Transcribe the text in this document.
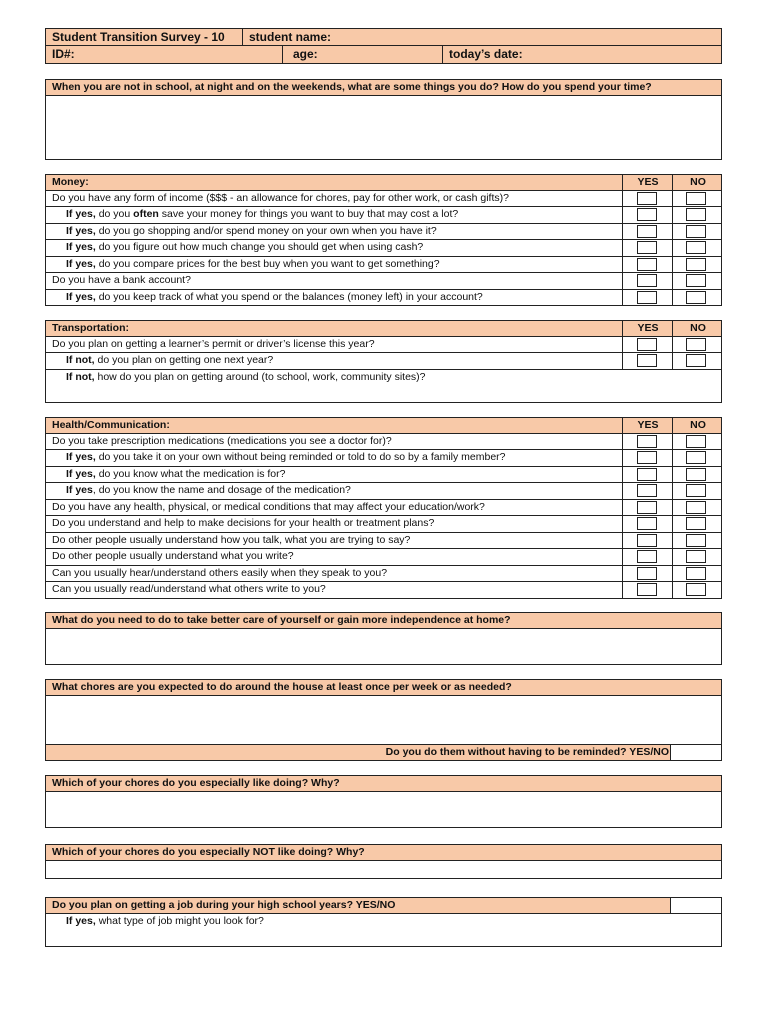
Student Transition Survey - 10	student name:
ID#:	age:	today’s date:
When you are not in school, at night and on the weekends, what are some things you do? How do you spend your time?
Money:	YES	NO
Do you have any form of income ($$$ - an allowance for chores, pay for other work, or cash gifts)?
If yes, do you often save your money for things you want to buy that may cost a lot?
If yes, do you go shopping and/or spend money on your own when you have it?
If yes, do you figure out how much change you should get when using cash?
If yes, do you compare prices for the best buy when you want to get something?
Do you have a bank account?
If yes, do you keep track of what you spend or the balances (money left) in your account?
Transportation:	YES	NO
Do you plan on getting a learner’s permit or driver’s license this year?
If not, do you plan on getting one next year?
If not, how do you plan on getting around (to school, work, community sites)?
Health/Communication:	YES	NO
Do you take prescription medications (medications you see a doctor for)?
If yes, do you take it on your own without being reminded or told to do so by a family member?
If yes, do you know what the medication is for?
If yes, do you know the name and dosage of the medication?
Do you have any health, physical, or medical conditions that may affect your education/work?
Do you understand and help to make decisions for your health or treatment plans?
Do other people usually understand how you talk, what you are trying to say?
Do other people usually understand what you write?
Can you usually hear/understand others easily when they speak to you?
Can you usually read/understand what others write to you?
What do you need to do to take better care of yourself or gain more independence at home?
What chores are you expected to do around the house at least once per week or as needed?
Do you do them without having to be reminded? YES/NO
Which of your chores do you especially like doing? Why?
Which of your chores do you especially NOT like doing? Why?
Do you plan on getting a job during your high school years? YES/NO
If yes, what type of job might you look for?
